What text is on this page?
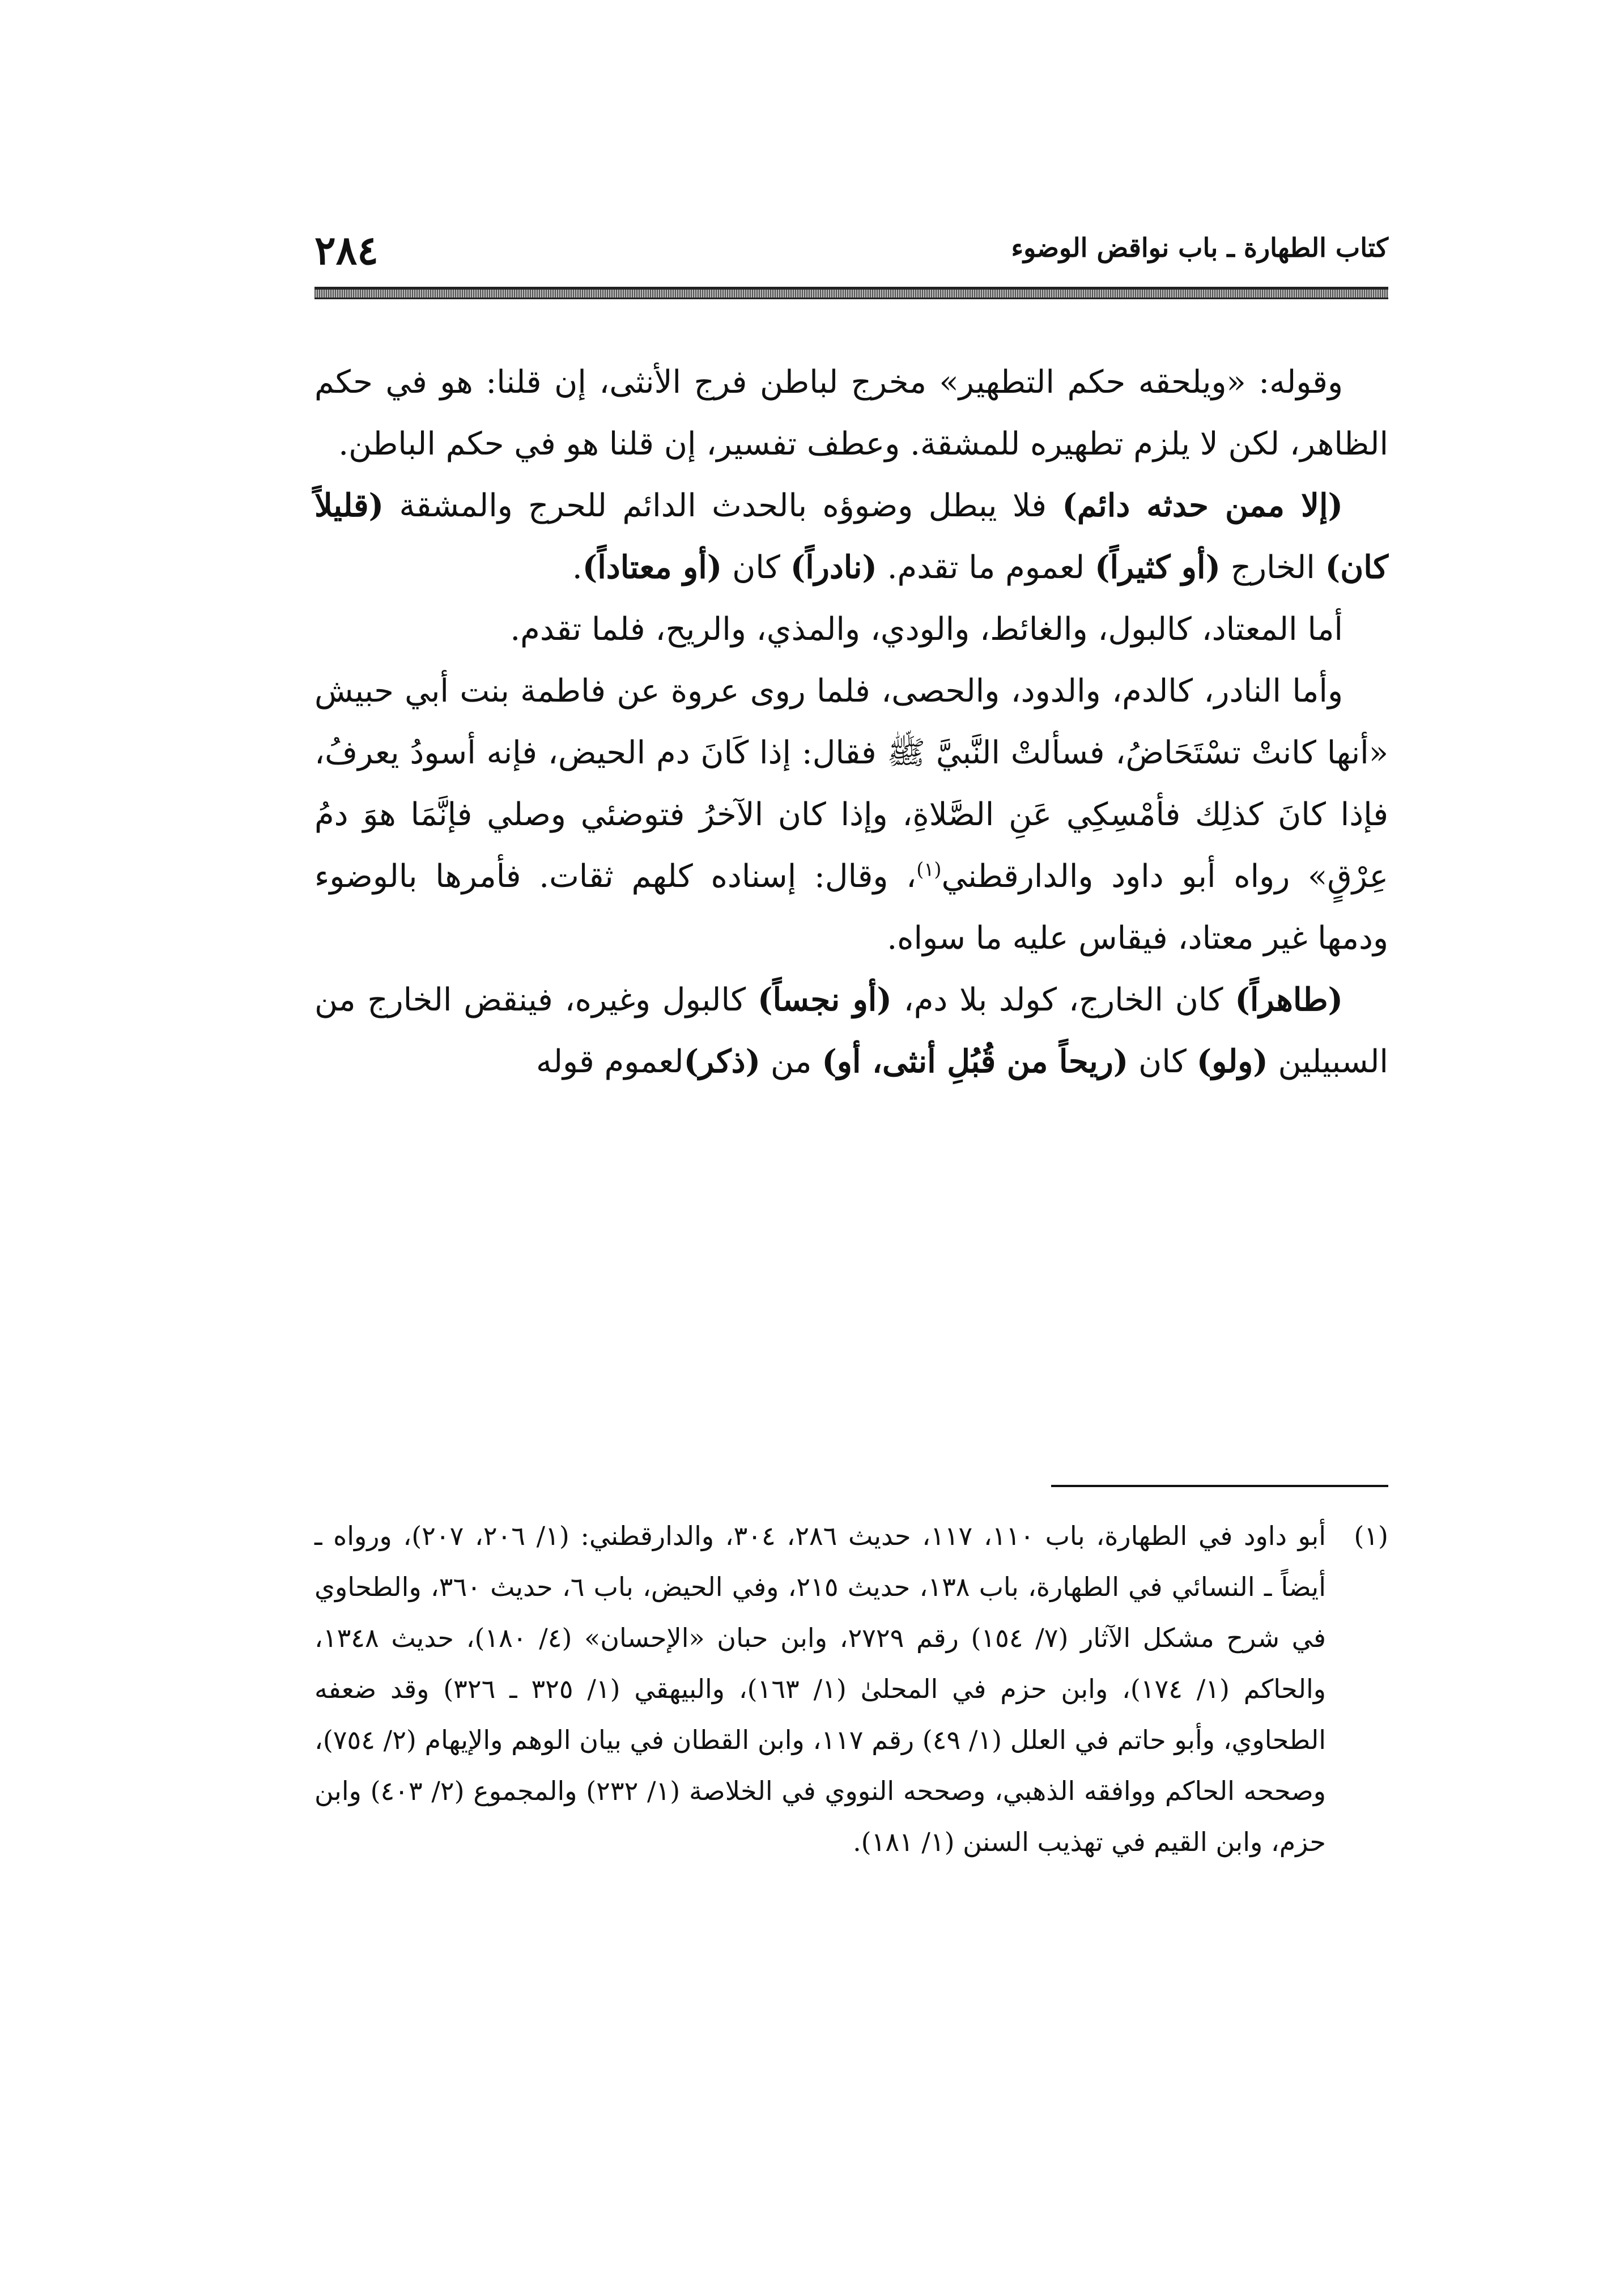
كتاب الطهارة ـ باب نواقض الوضوء
٢٨٤

وقوله: «ويلحقه حكم التطهير» مخرج لباطن فرج الأنثى، إن قلنا: هو في حكم الظاهر، لكن لا يلزم تطهيره للمشقة. وعطف تفسير، إن قلنا هو في حكم الباطن.

(إلا ممن حدثه دائم) فلا يبطل وضوؤه بالحدث الدائم للحرج والمشقة (قليلاً كان) الخارج (أو كثيراً) لعموم ما تقدم. (نادراً) كان (أو معتاداً).

أما المعتاد، كالبول، والغائط، والودي، والمذي، والريح، فلما تقدم.

وأما النادر، كالدم، والدود، والحصى، فلما روى عروة عن فاطمة بنت أبي حبيش «أنها كانتْ تسْتَحَاضُ، فسألتْ النَّبيَّ ﷺ فقال: إذا كَانَ دم الحيض، فإنه أسودُ يعرفُ، فإذا كانَ كذلِك فأمْسِكِي عَنِ الصَّلاةِ، وإذا كان الآخرُ فتوضئي وصلي فإنَّمَا هوَ دمُ عِرْقٍ» رواه أبو داود والدارقطني$^{(١)}$، وقال: إسناده كلهم ثقات. فأمرها بالوضوء ودمها غير معتاد، فيقاس عليه ما سواه.

(طاهراً) كان الخارج، كولد بلا دم، (أو نجساً) كالبول وغيره، فينقض الخارج من السبيلين (ولو) كان (ريحاً من قُبُلِ أنثى، أو) من (ذكر)لعموم قوله

(١)
أبو داود في الطهارة، باب ١١٠، ١١٧، حديث ٢٨٦، ٣٠٤، والدارقطني: (١/ ٢٠٦، ٢٠٧)، ورواه ـ أيضاً ـ النسائي في الطهارة، باب ١٣٨، حديث ٢١٥، وفي الحيض، باب ٦، حديث ٣٦٠، والطحاوي في شرح مشكل الآثار (٧/ ١٥٤) رقم ٢٧٢٩، وابن حبان «الإحسان» (٤/ ١٨٠)، حديث ١٣٤٨، والحاكم (١/ ١٧٤)، وابن حزم في المحلىٰ (١/ ١٦٣)، والبيهقي (١/ ٣٢٥ ـ ٣٢٦) وقد ضعفه الطحاوي، وأبو حاتم في العلل (١/ ٤٩) رقم ١١٧، وابن القطان في بيان الوهم والإيهام (٢/ ٧٥٤)، وصححه الحاكم ووافقه الذهبي، وصححه النووي في الخلاصة (١/ ٢٣٢) والمجموع (٢/ ٤٠٣) وابن حزم، وابن القيم في تهذيب السنن (١/ ١٨١).
